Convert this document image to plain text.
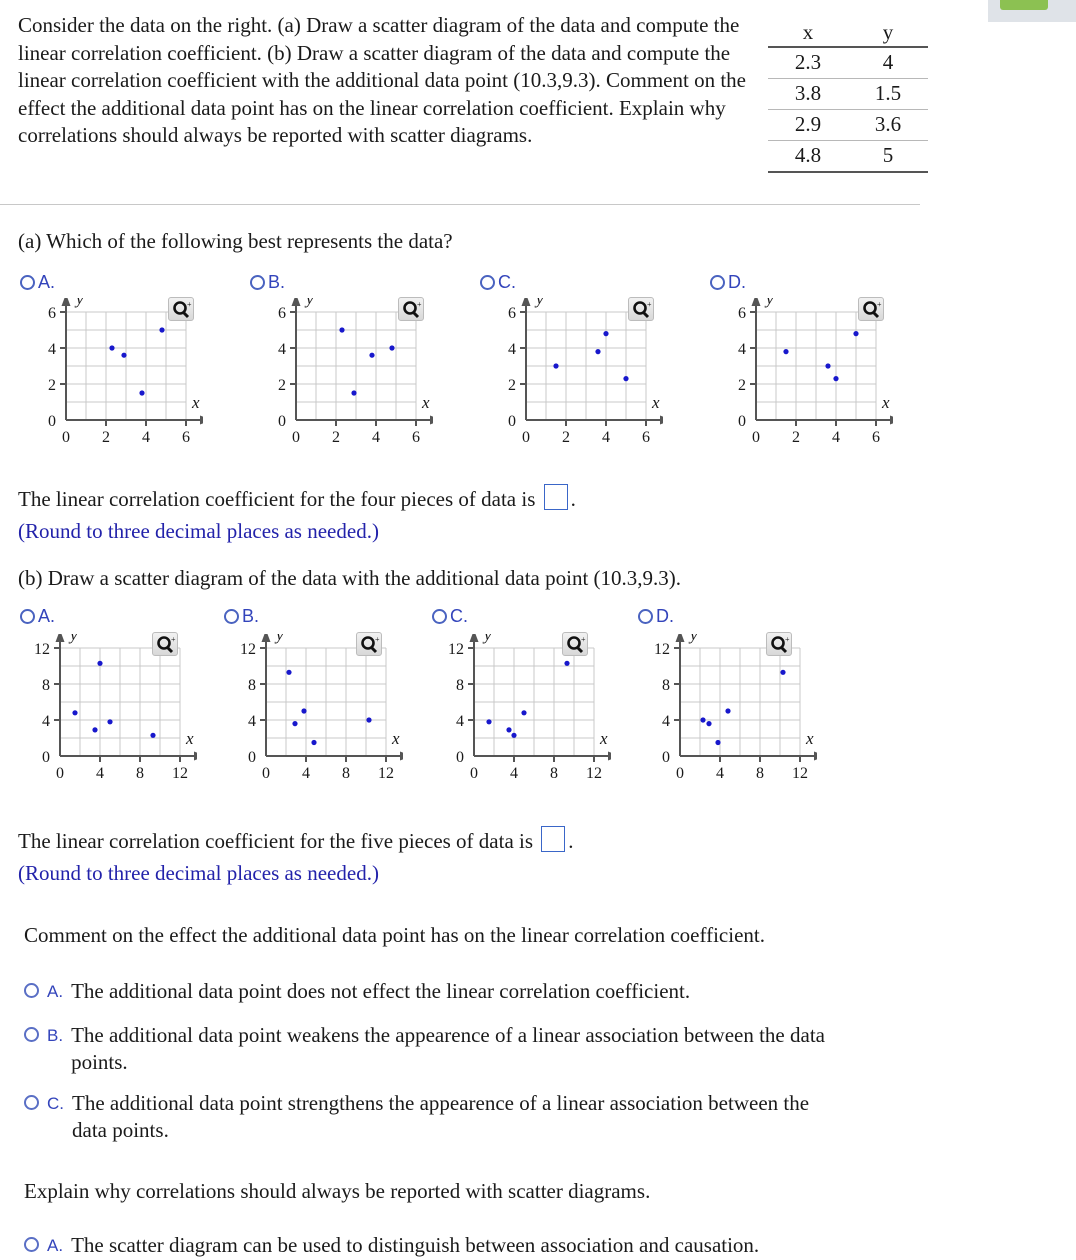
Consider the data on the right. (a) Draw a scatter diagram of the data and compute the linear correlation coefficient. (b) Draw a scatter diagram of the data and compute the linear correlation coefficient with the additional data point (10.3,9.3). Comment on the effect the additional data point has on the linear correlation coefficient. Explain why correlations should always be reported with scatter diagrams.
x	y
2.3	4
3.8	1.5
2.9	3.6
4.8	5
(a) Which of the following best represents the data?
A.	B.	C.	D.
0 2 4 6
0
2
4
6
y
x
0 2 4 6
0
2
4
6
y
x
0 2 4 6
0
2
4
6
y
x
0 2 4 6
0
2
4
6
y
x
+	+	+	+
The linear correlation coefficient for the four pieces of data is .
(Round to three decimal places as needed.)
(b) Draw a scatter diagram of the data with the additional data point (10.3,9.3).
A.	B.	C.	D.
0 4 8 12
0
4
8
12
y
x
0 4 8 12
0
4
8
12
y
x
0 4 8 12
0
4
8
12
y
x
0 4 8 12
0
4
8
12
y
x
+	+	+	+
The linear correlation coefficient for the five pieces of data is .
(Round to three decimal places as needed.)
Comment on the effect the additional data point has on the linear correlation coefficient.
A. The additional data point does not effect the linear correlation coefficient.
B. The additional data point weakens the appearence of a linear association between the data points.
C. The additional data point strengthens the appearence of a linear association between the data points.
Explain why correlations should always be reported with scatter diagrams.
A. The scatter diagram can be used to distinguish between association and causation.
